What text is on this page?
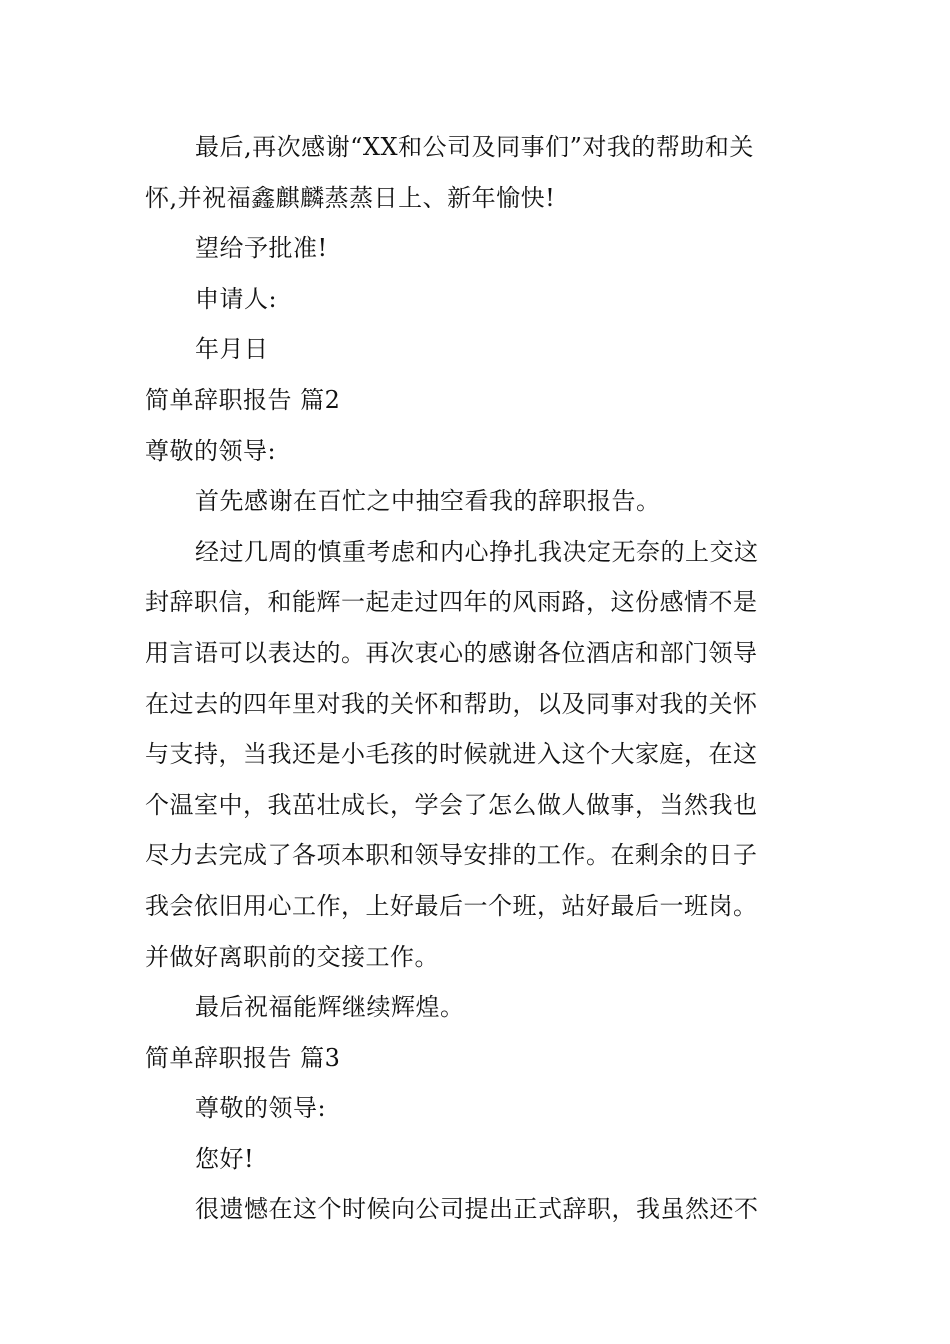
最后,再次感谢“XX和公司及同事们”对我的帮助和关
怀,并祝福鑫麒麟蒸蒸日上、新年愉快!
望给予批准!
申请人:
年月日
简单辞职报告 篇2
尊敬的领导:
首先感谢在百忙之中抽空看我的辞职报告。
经过几周的慎重考虑和内心挣扎我决定无奈的上交这
封辞职信，和能辉一起走过四年的风雨路，这份感情不是
用言语可以表达的。再次衷心的感谢各位酒店和部门领导
在过去的四年里对我的关怀和帮助，以及同事对我的关怀
与支持，当我还是小毛孩的时候就进入这个大家庭，在这
个温室中，我茁壮成长，学会了怎么做人做事，当然我也
尽力去完成了各项本职和领导安排的工作。在剩余的日子
我会依旧用心工作，上好最后一个班，站好最后一班岗。
并做好离职前的交接工作。
最后祝福能辉继续辉煌。
简单辞职报告 篇3
尊敬的领导:
您好!
很遗憾在这个时候向公司提出正式辞职，我虽然还不
